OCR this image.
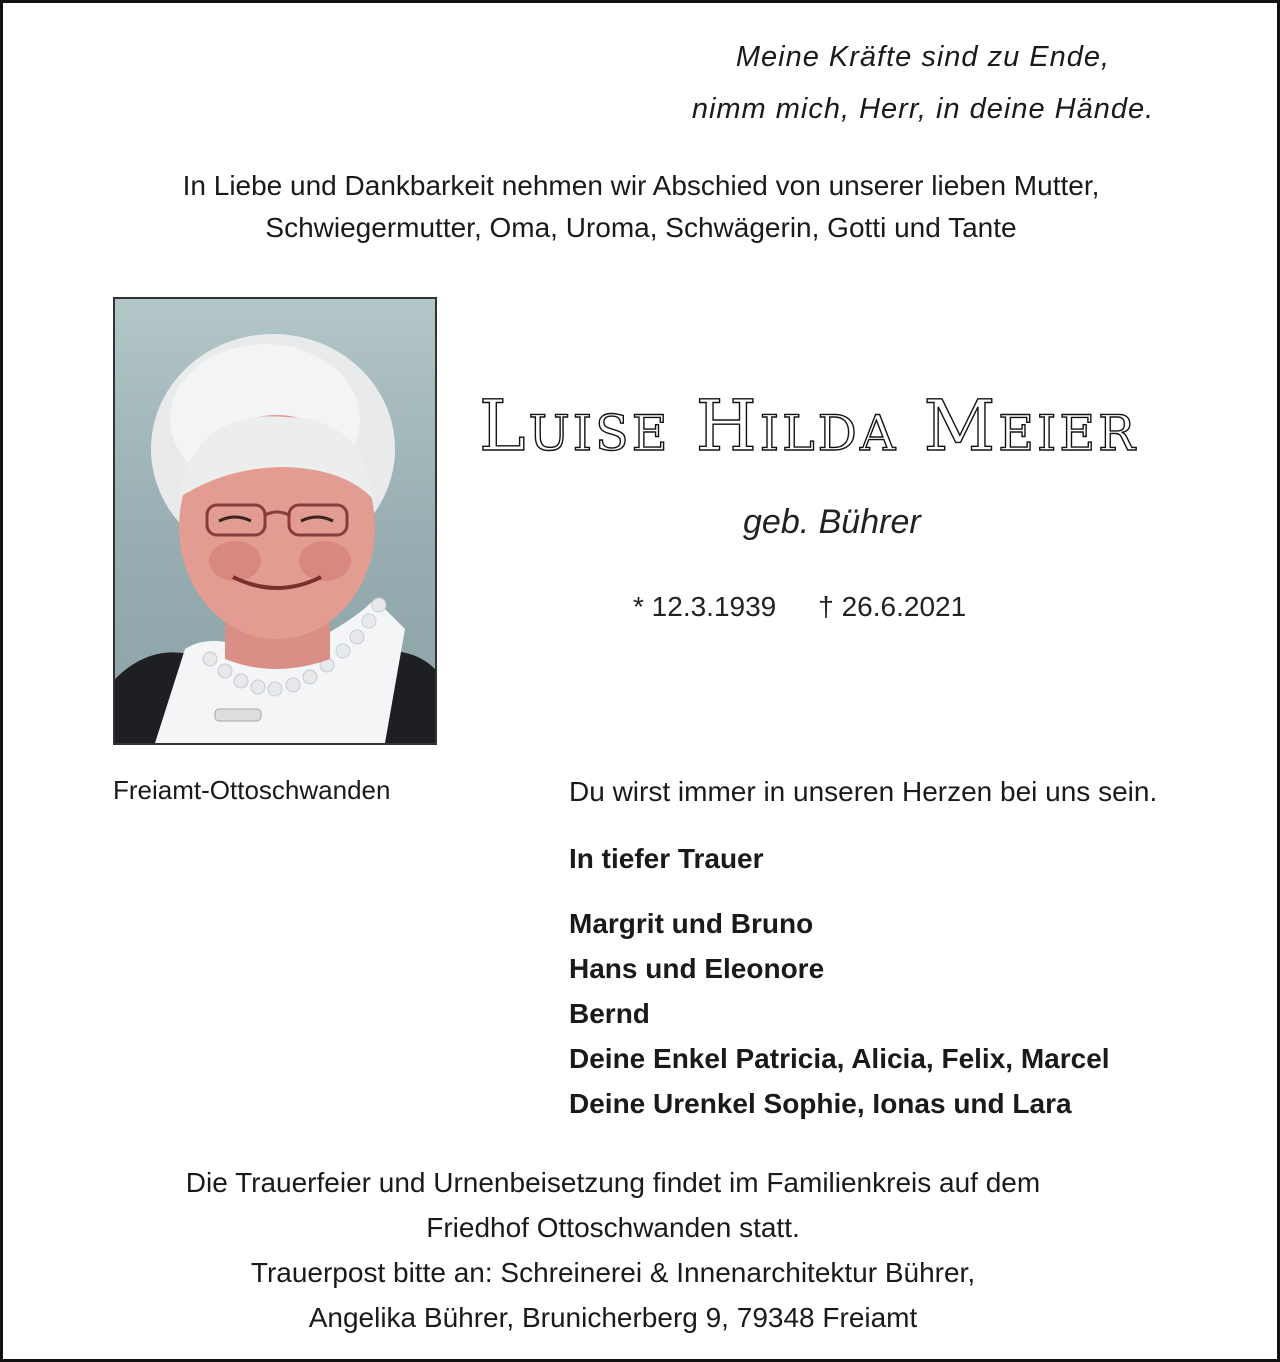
Meine Kräfte sind zu Ende,
nimm mich, Herr, in deine Hände.
In Liebe und Dankbarkeit nehmen wir Abschied von unserer lieben Mutter,
Schwiegermutter, Oma, Uroma, Schwägerin, Gotti und Tante
Luise Hilda Meier
geb. Bührer
* 12.3.1939 † 26.6.2021
Freiamt-Ottoschwanden	Du wirst immer in unseren Herzen bei uns sein.
In tiefer Trauer
Margrit und Bruno
Hans und Eleonore
Bernd
Deine Enkel Patricia, Alicia, Felix, Marcel
Deine Urenkel Sophie, Ionas und Lara
Die Trauerfeier und Urnenbeisetzung findet im Familienkreis auf dem
Friedhof Ottoschwanden statt.
Trauerpost bitte an: Schreinerei & Innenarchitektur Bührer,
Angelika Bührer, Brunicherberg 9, 79348 Freiamt
